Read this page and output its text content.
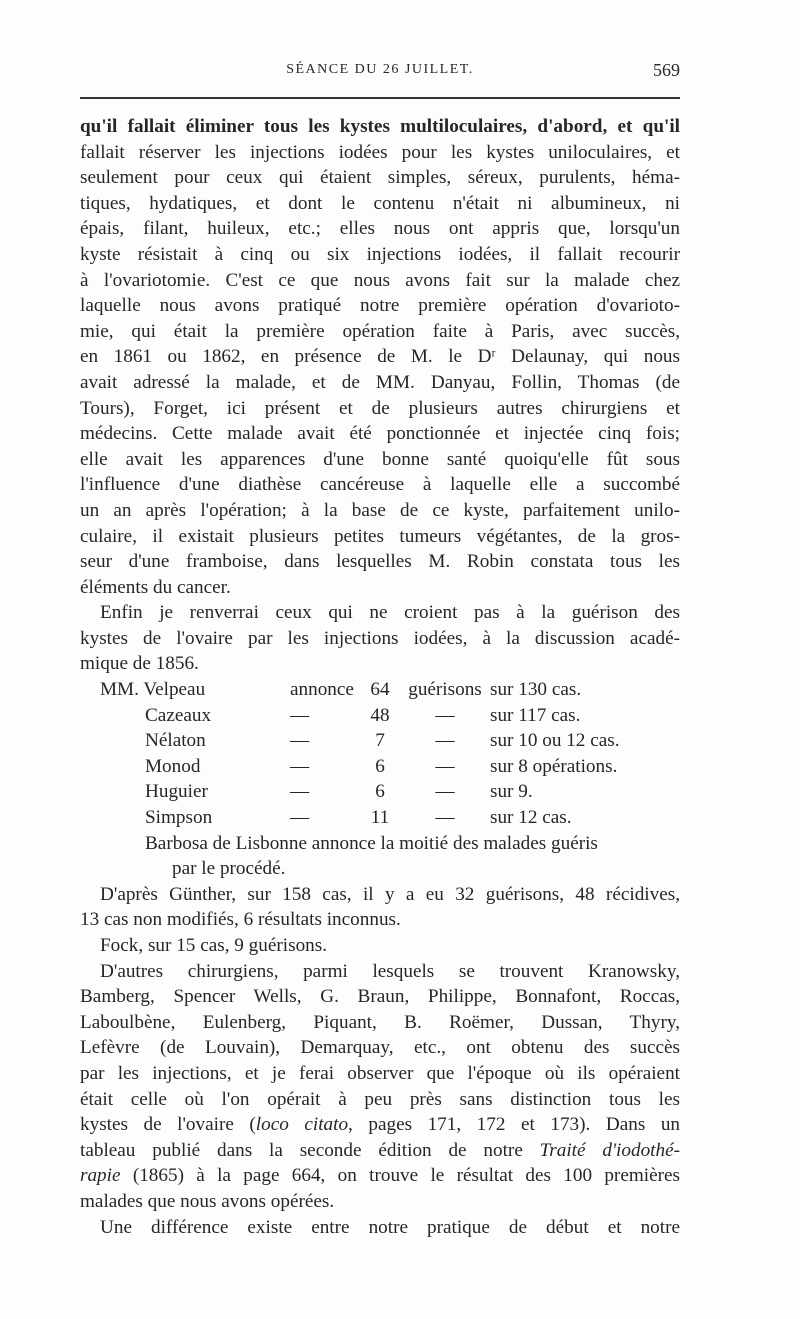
SÉANCE DU 26 JUILLET.	569

qu'il fallait éliminer tous les kystes multiloculaires, d'abord, et qu'il

fallait réserver les injections iodées pour les kystes uniloculaires, et

seulement pour ceux qui étaient simples, séreux, purulents, héma-

tiques, hydatiques, et dont le contenu n'était ni albumineux, ni

épais, filant, huileux, etc.; elles nous ont appris que, lorsqu'un

kyste résistait à cinq ou six injections iodées, il fallait recourir

à l'ovariotomie. C'est ce que nous avons fait sur la malade chez

laquelle nous avons pratiqué notre première opération d'ovarioto-

mie, qui était la première opération faite à Paris, avec succès,

en 1861 ou 1862, en présence de M. le Dʳ Delaunay, qui nous

avait adressé la malade, et de MM. Danyau, Follin, Thomas (de

Tours), Forget, ici présent et de plusieurs autres chirurgiens et

médecins. Cette malade avait été ponctionnée et injectée cinq fois;

elle avait les apparences d'une bonne santé quoiqu'elle fût sous

l'influence d'une diathèse cancéreuse à laquelle elle a succombé

un an après l'opération; à la base de ce kyste, parfaitement unilo-

culaire, il existait plusieurs petites tumeurs végétantes, de la gros-

seur d'une framboise, dans lesquelles M. Robin constata tous les

éléments du cancer.

Enfin je renverrai ceux qui ne croient pas à la guérison des

kystes de l'ovaire par les injections iodées, à la discussion acadé-

mique de 1856.

MM. Velpeau	annonce 64 guérisons sur 130 cas.
Cazeaux	—	48	—	sur 117 cas.
Nélaton	—	7	—	sur 10 ou 12 cas.
Monod	—	6	—	sur 8 opérations.
Huguier	—	6	—	sur 9.
Simpson	—	11	—	sur 12 cas.

Barbosa de Lisbonne annonce la moitié des malades guéris

par le procédé.

D'après Günther, sur 158 cas, il y a eu 32 guérisons, 48 récidives,

13 cas non modifiés, 6 résultats inconnus.

Fock, sur 15 cas, 9 guérisons.

D'autres chirurgiens, parmi lesquels se trouvent Kranowsky,

Bamberg, Spencer Wells, G. Braun, Philippe, Bonnafont, Roccas,

Laboulbène, Eulenberg, Piquant, B. Roëmer, Dussan, Thyry,

Lefèvre (de Louvain), Demarquay, etc., ont obtenu des succès

par les injections, et je ferai observer que l'époque où ils opéraient

était celle où l'on opérait à peu près sans distinction tous les

kystes de l'ovaire (loco citato, pages 171, 172 et 173). Dans un

tableau publié dans la seconde édition de notre Traité d'iodothé-

rapie (1865) à la page 664, on trouve le résultat des 100 premières

malades que nous avons opérées.

Une différence existe entre notre pratique de début et notre
